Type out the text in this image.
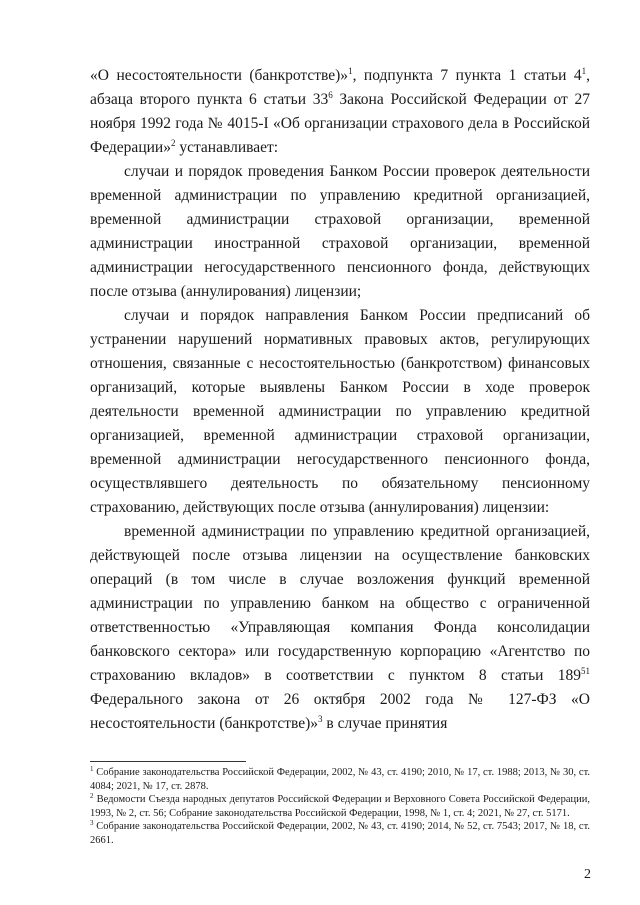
«О несостоятельности (банкротстве)»$^1$, подпункта 7 пункта 1 статьи $4^1$, абзаца второго пункта 6 статьи $33^6$ Закона Российской Федерации от 27 ноября 1992 года № 4015-I «Об организации страхового дела в Российской Федерации»$^2$ устанавливает:

случаи и порядок проведения Банком России проверок деятельности временной администрации по управлению кредитной организацией, временной администрации страховой организации, временной администрации иностранной страховой организации, временной администрации негосударственного пенсионного фонда, действующих после отзыва (аннулирования) лицензии;

случаи и порядок направления Банком России предписаний об устранении нарушений нормативных правовых актов, регулирующих отношения, связанные с несостоятельностью (банкротством) финансовых организаций, которые выявлены Банком России в ходе проверок деятельности временной администрации по управлению кредитной организацией, временной администрации страховой организации, временной администрации негосударственного пенсионного фонда, осуществлявшего деятельность по обязательному пенсионному страхованию, действующих после отзыва (аннулирования) лицензии:

временной администрации по управлению кредитной организацией, действующей после отзыва лицензии на осуществление банковских операций (в том числе в случае возложения функций временной администрации по управлению банком на общество с ограниченной ответственностью «Управляющая компания Фонда консолидации банковского сектора» или государственную корпорацию «Агентство по страхованию вкладов» в соответствии с пунктом 8 статьи $189^{51}$ Федерального закона от 26 октября 2002 года № 127-ФЗ «О несостоятельности (банкротстве)»$^3$ в случае принятия

$^1$ Собрание законодательства Российской Федерации, 2002, № 43, ст. 4190; 2010, № 17, ст. 1988; 2013, № 30, ст. 4084; 2021, № 17, ст. 2878.

$^2$ Ведомости Съезда народных депутатов Российской Федерации и Верховного Совета Российской Федерации, 1993, № 2, ст. 56; Собрание законодательства Российской Федерации, 1998, № 1, ст. 4; 2021, № 27, ст. 5171.

$^3$ Собрание законодательства Российской Федерации, 2002, № 43, ст. 4190; 2014, № 52, ст. 7543; 2017, № 18, ст. 2661.

2
